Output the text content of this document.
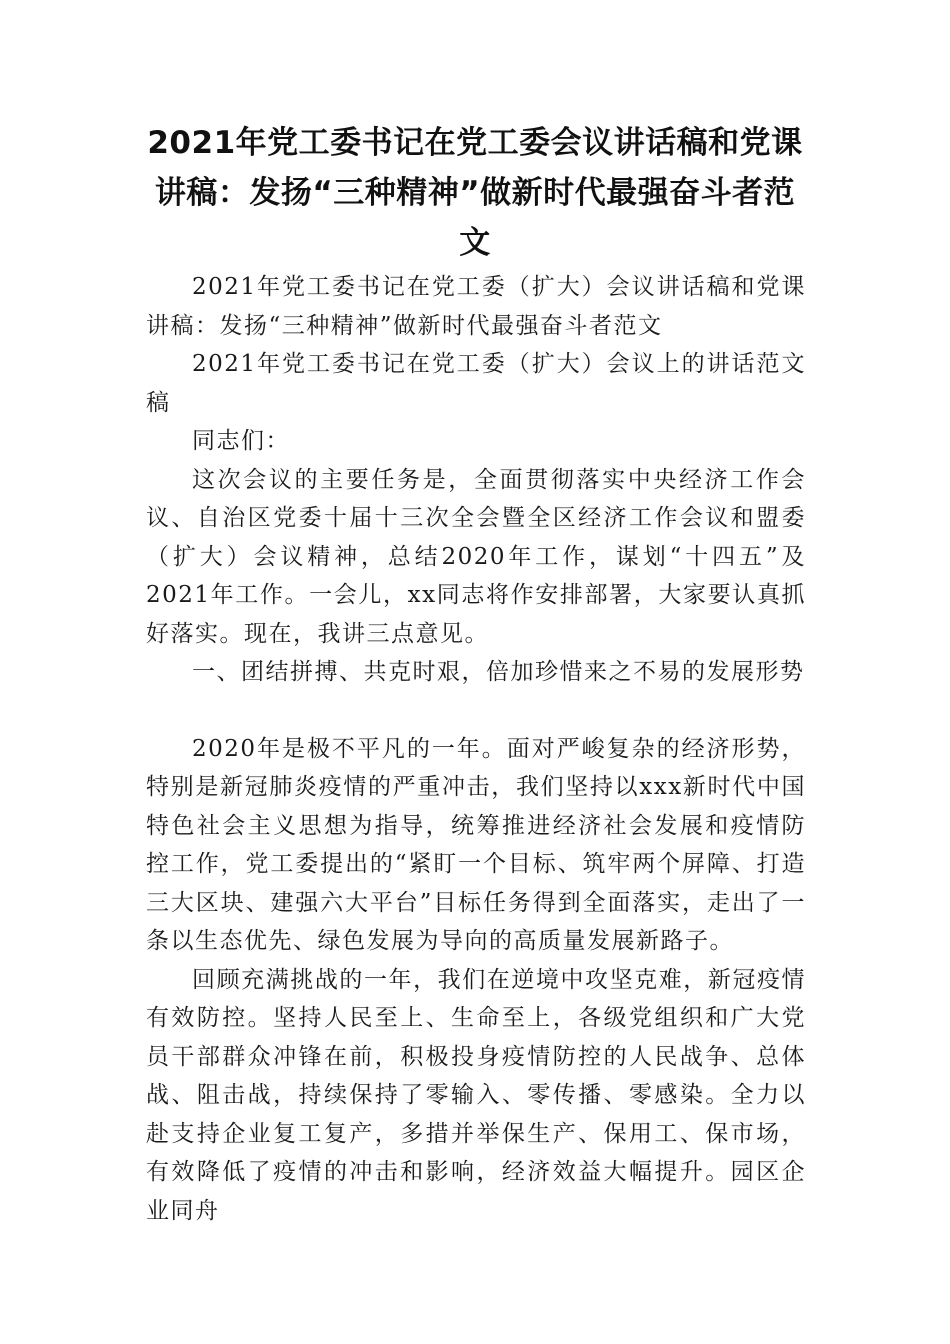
2021年党工委书记在党工委会议讲话稿和党课讲稿：发扬“三种精神”做新时代最强奋斗者范文

2021年党工委书记在党工委（扩大）会议讲话稿和党课讲稿：发扬“三种精神”做新时代最强奋斗者范文

2021年党工委书记在党工委（扩大）会议上的讲话范文稿

同志们：

这次会议的主要任务是，全面贯彻落实中央经济工作会议、自治区党委十届十三次全会暨全区经济工作会议和盟委（扩大）会议精神，总结2020年工作，谋划“十四五”及2021年工作。一会儿，xx同志将作安排部署，大家要认真抓好落实。现在，我讲三点意见。

一、团结拼搏、共克时艰，倍加珍惜来之不易的发展形势

2020年是极不平凡的一年。面对严峻复杂的经济形势，特别是新冠肺炎疫情的严重冲击，我们坚持以xxx新时代中国特色社会主义思想为指导，统筹推进经济社会发展和疫情防控工作，党工委提出的“紧盯一个目标、筑牢两个屏障、打造三大区块、建强六大平台”目标任务得到全面落实，走出了一条以生态优先、绿色发展为导向的高质量发展新路子。

回顾充满挑战的一年，我们在逆境中攻坚克难，新冠疫情有效防控。坚持人民至上、生命至上，各级党组织和广大党员干部群众冲锋在前，积极投身疫情防控的人民战争、总体战、阻击战，持续保持了零输入、零传播、零感染。全力以赴支持企业复工复产，多措并举保生产、保用工、保市场，有效降低了疫情的冲击和影响，经济效益大幅提升。园区企业同舟
